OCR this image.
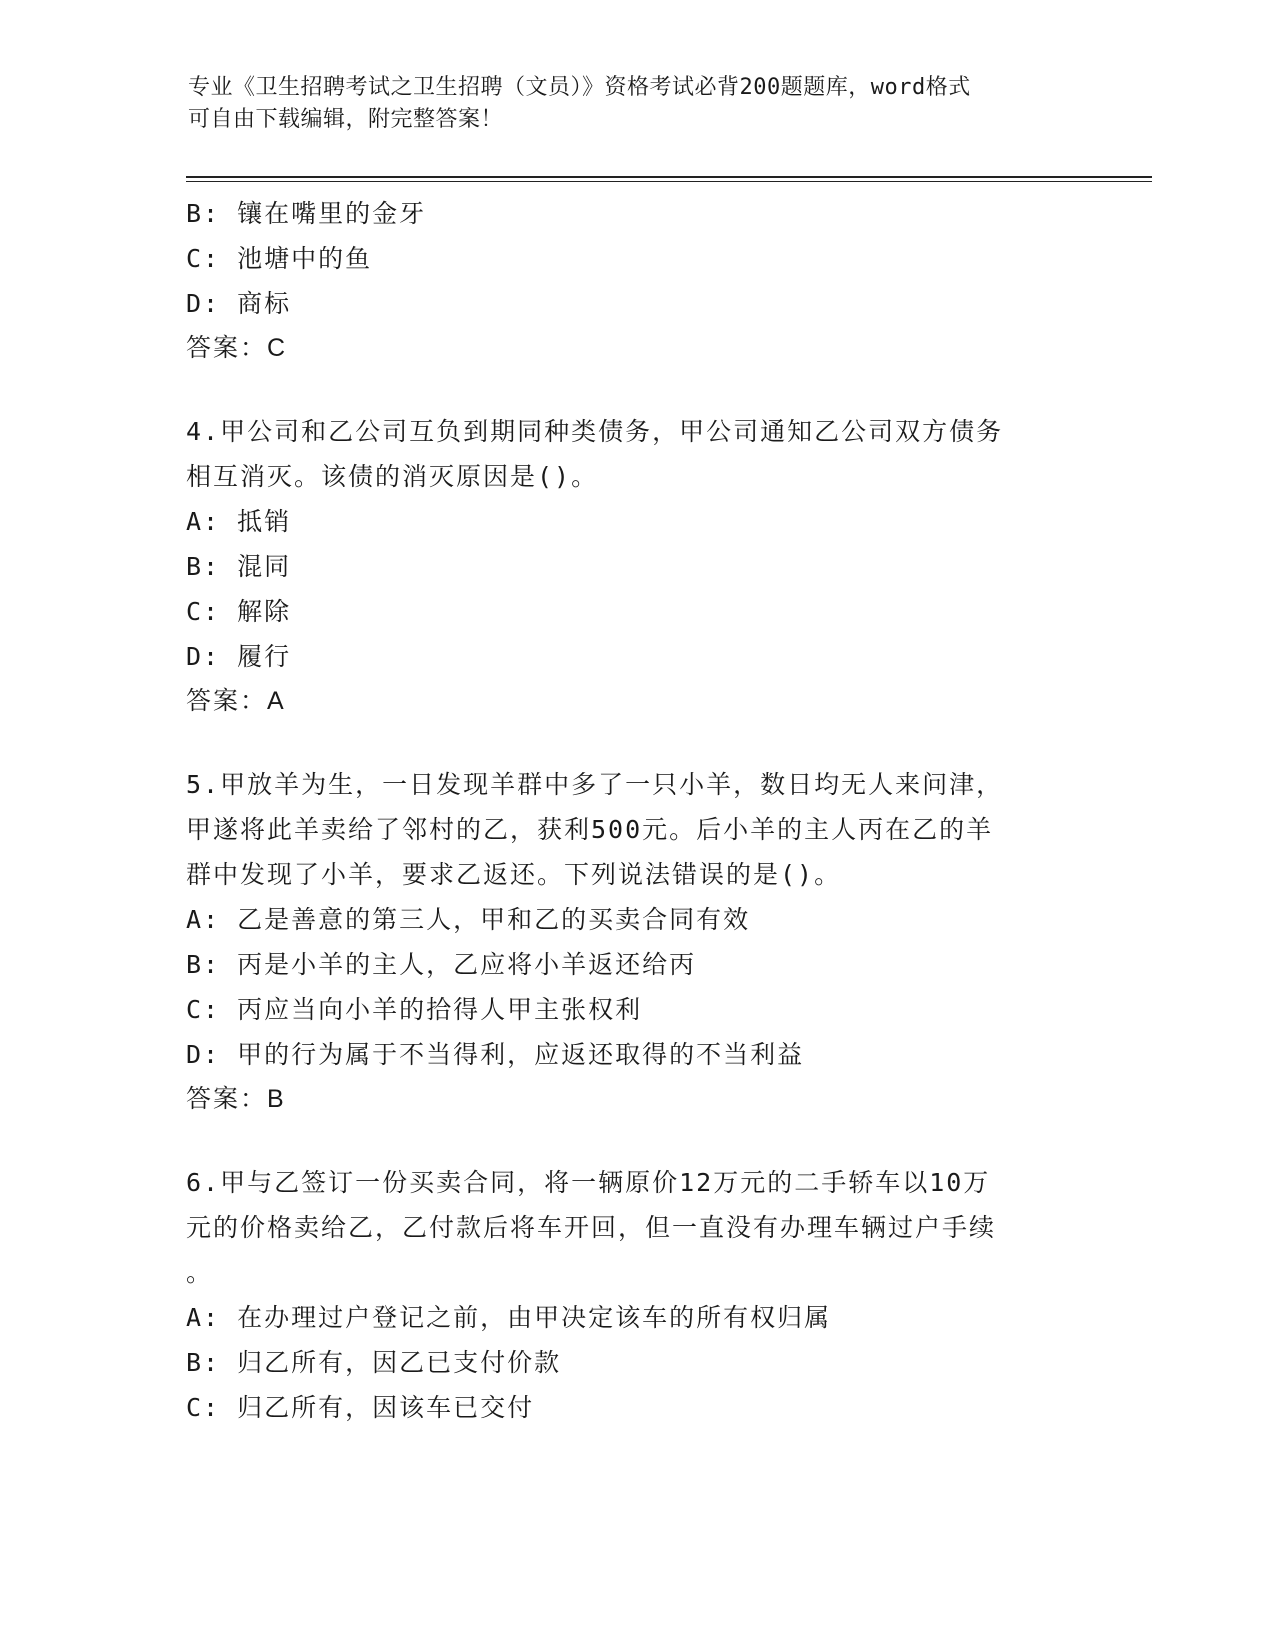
专业《卫生招聘考试之卫生招聘（文员）》资格考试必背200题题库，word格式
可自由下载编辑，附完整答案！
B: 镶在嘴里的金牙
C: 池塘中的鱼
D: 商标
答案：C
4.甲公司和乙公司互负到期同种类债务，甲公司通知乙公司双方债务
相互消灭。该债的消灭原因是()。
A: 抵销
B: 混同
C: 解除
D: 履行
答案：A
5.甲放羊为生，一日发现羊群中多了一只小羊，数日均无人来问津，
甲遂将此羊卖给了邻村的乙，获利500元。后小羊的主人丙在乙的羊
群中发现了小羊，要求乙返还。下列说法错误的是()。
A: 乙是善意的第三人，甲和乙的买卖合同有效
B: 丙是小羊的主人，乙应将小羊返还给丙
C: 丙应当向小羊的拾得人甲主张权利
D: 甲的行为属于不当得利，应返还取得的不当利益
答案：B
6.甲与乙签订一份买卖合同，将一辆原价12万元的二手轿车以10万
元的价格卖给乙，乙付款后将车开回，但一直没有办理车辆过户手续
。
A: 在办理过户登记之前，由甲决定该车的所有权归属
B: 归乙所有，因乙已支付价款
C: 归乙所有，因该车已交付
